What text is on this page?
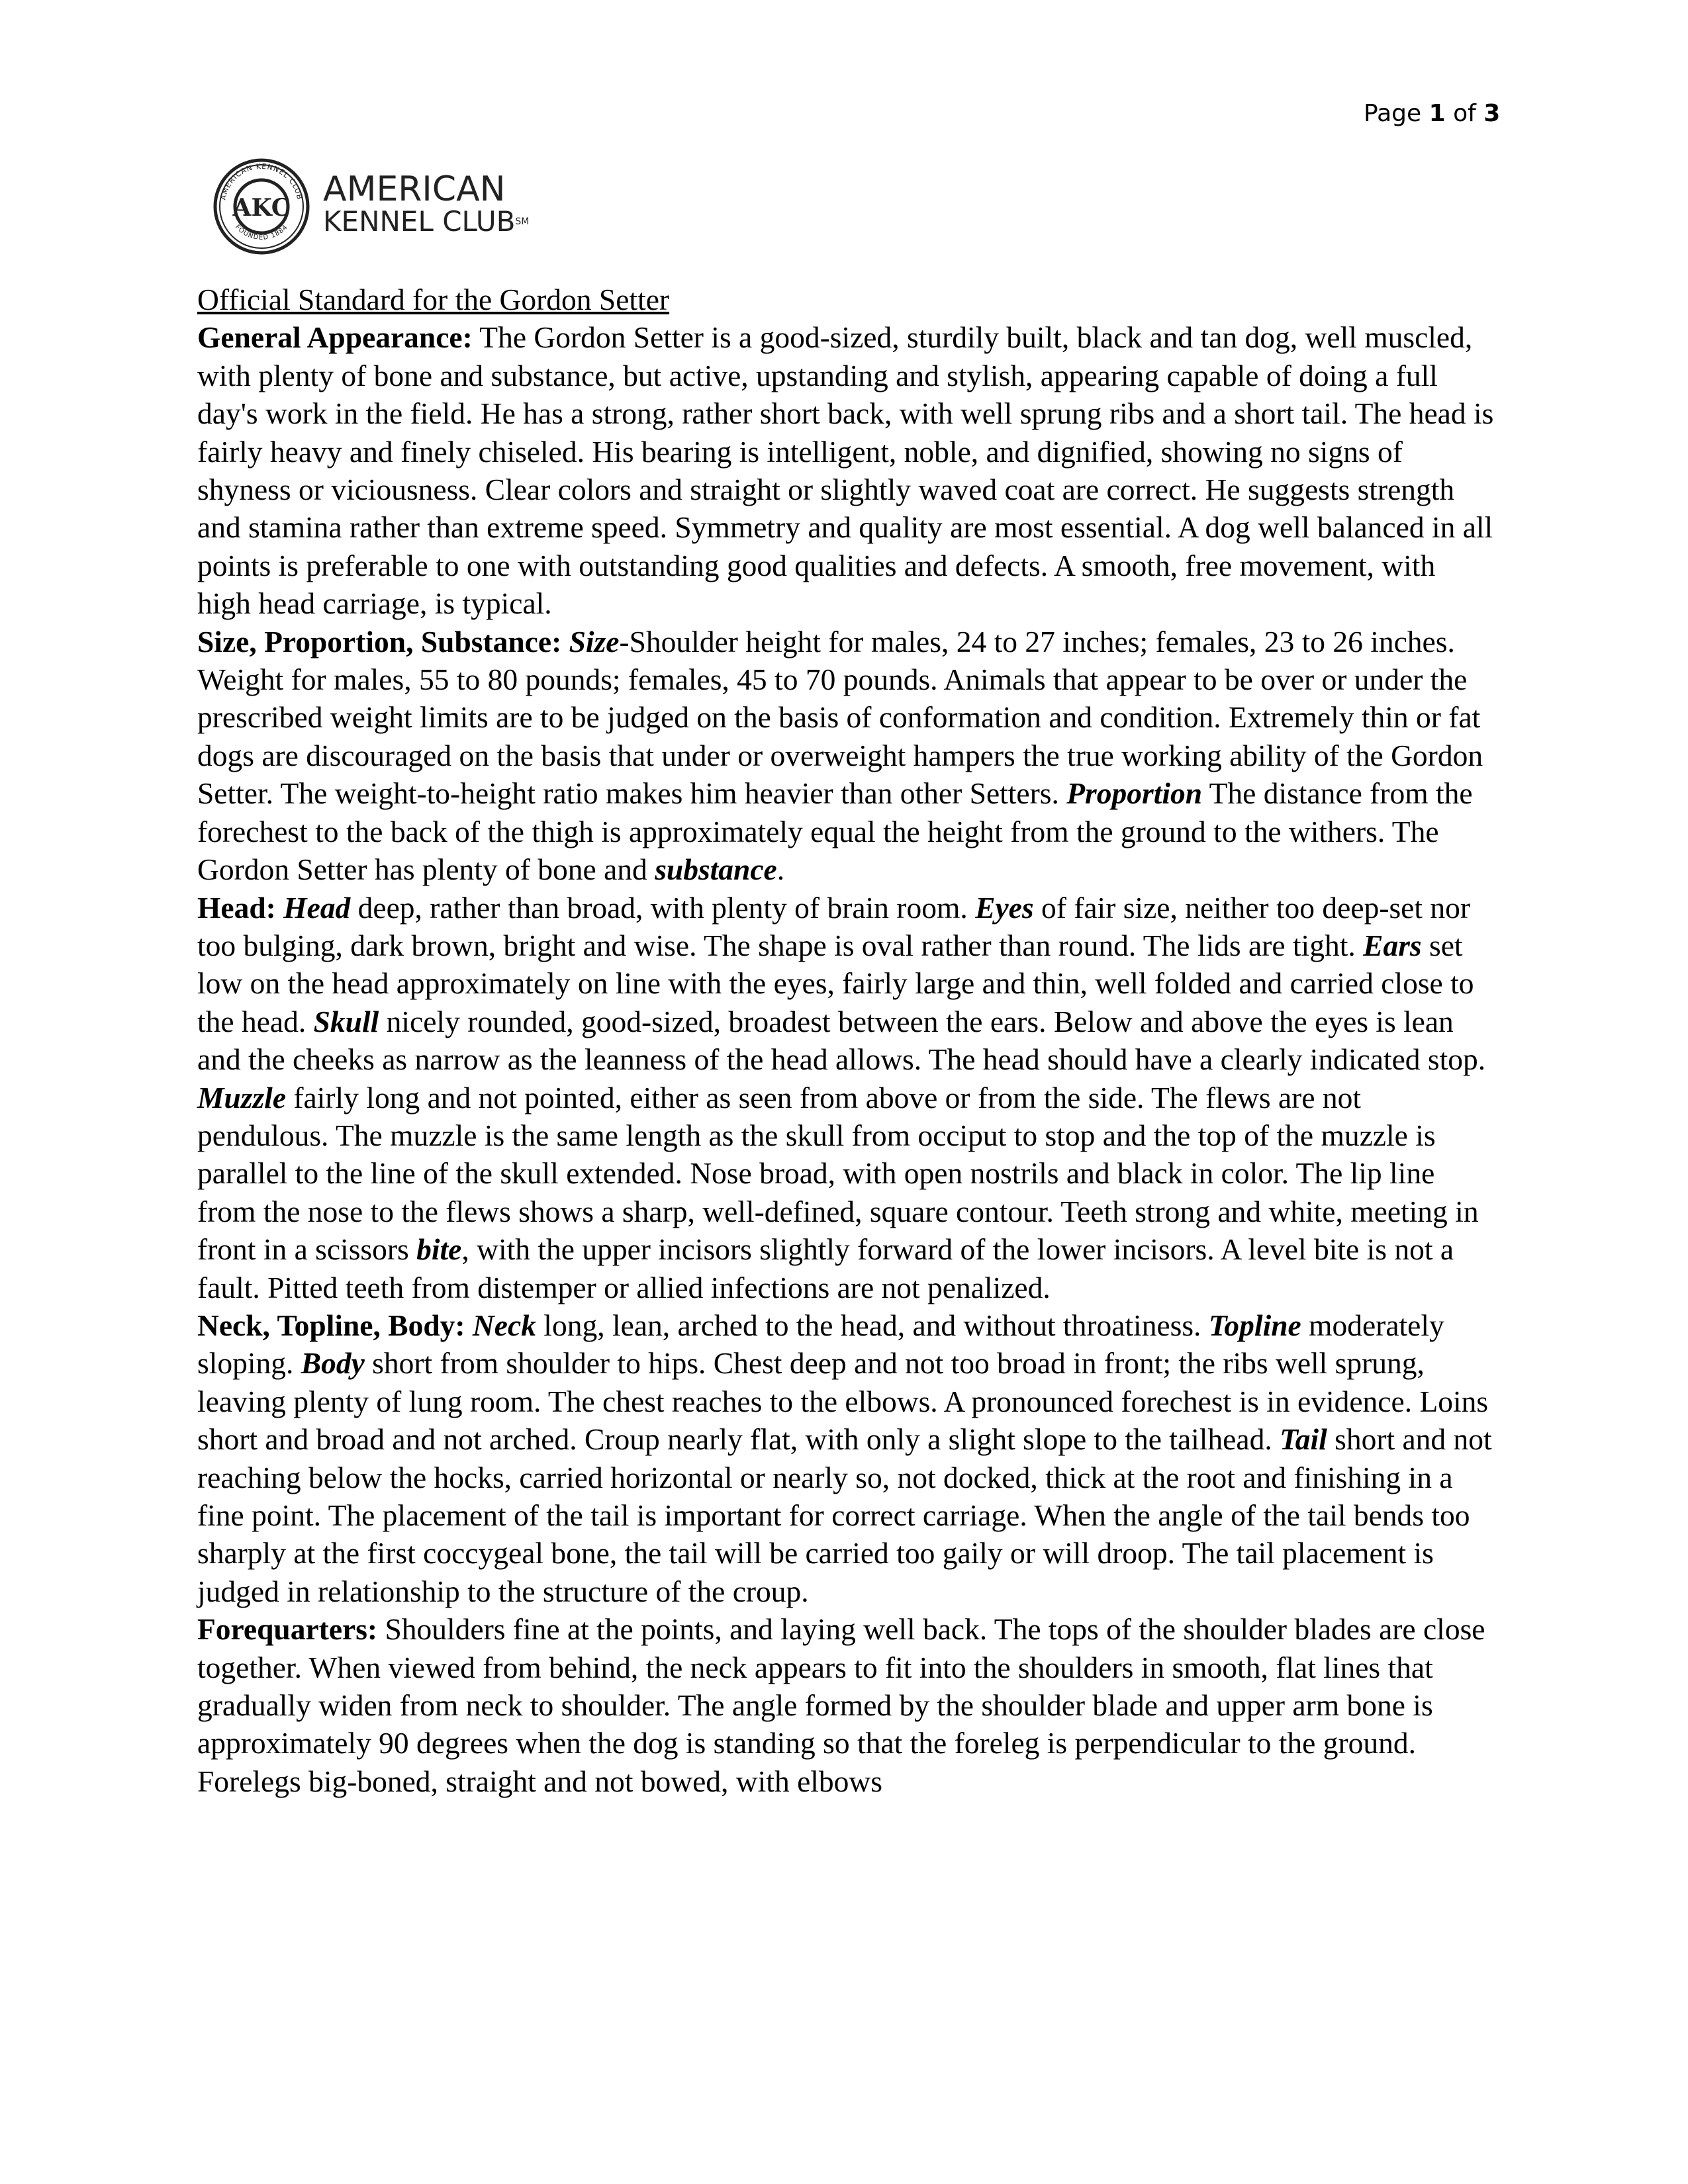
Page 1 of 3
AMERICAN KENNEL CLUB
FOUNDED 1884
AKC AMERICAN
KENNEL CLUB℠

Official Standard for the Gordon Setter

General Appearance: The Gordon Setter is a good-sized, sturdily built, black and tan dog, well muscled, with plenty of bone and substance, but active, upstanding and stylish, appearing capable of doing a full day's work in the field. He has a strong, rather short back, with well sprung ribs and a short tail. The head is fairly heavy and finely chiseled. His bearing is intelligent, noble, and dignified, showing no signs of shyness or viciousness. Clear colors and straight or slightly waved coat are correct. He suggests strength and stamina rather than extreme speed. Symmetry and quality are most essential. A dog well balanced in all points is preferable to one with outstanding good qualities and defects. A smooth, free movement, with high head carriage, is typical.

Size, Proportion, Substance: Size-Shoulder height for males, 24 to 27 inches; females, 23 to 26 inches. Weight for males, 55 to 80 pounds; females, 45 to 70 pounds. Animals that appear to be over or under the prescribed weight limits are to be judged on the basis of conformation and condition. Extremely thin or fat dogs are discouraged on the basis that under or overweight hampers the true working ability of the Gordon Setter. The weight-to-height ratio makes him heavier than other Setters. Proportion The distance from the forechest to the back of the thigh is approximately equal the height from the ground to the withers. The Gordon Setter has plenty of bone and substance.

Head: Head deep, rather than broad, with plenty of brain room. Eyes of fair size, neither too deep-set nor too bulging, dark brown, bright and wise. The shape is oval rather than round. The lids are tight. Ears set low on the head approximately on line with the eyes, fairly large and thin, well folded and carried close to the head. Skull nicely rounded, good-sized, broadest between the ears. Below and above the eyes is lean and the cheeks as narrow as the leanness of the head allows. The head should have a clearly indicated stop. Muzzle fairly long and not pointed, either as seen from above or from the side. The flews are not pendulous. The muzzle is the same length as the skull from occiput to stop and the top of the muzzle is parallel to the line of the skull extended. Nose broad, with open nostrils and black in color. The lip line from the nose to the flews shows a sharp, well-defined, square contour. Teeth strong and white, meeting in front in a scissors bite, with the upper incisors slightly forward of the lower incisors. A level bite is not a fault. Pitted teeth from distemper or allied infections are not penalized.

Neck, Topline, Body: Neck long, lean, arched to the head, and without throatiness. Topline moderately sloping. Body short from shoulder to hips. Chest deep and not too broad in front; the ribs well sprung, leaving plenty of lung room. The chest reaches to the elbows. A pronounced forechest is in evidence. Loins short and broad and not arched. Croup nearly flat, with only a slight slope to the tailhead. Tail short and not reaching below the hocks, carried horizontal or nearly so, not docked, thick at the root and finishing in a fine point. The placement of the tail is important for correct carriage. When the angle of the tail bends too sharply at the first coccygeal bone, the tail will be carried too gaily or will droop. The tail placement is judged in relationship to the structure of the croup.

Forequarters: Shoulders fine at the points, and laying well back. The tops of the shoulder blades are close together. When viewed from behind, the neck appears to fit into the shoulders in smooth, flat lines that gradually widen from neck to shoulder. The angle formed by the shoulder blade and upper arm bone is approximately 90 degrees when the dog is standing so that the foreleg is perpendicular to the ground. Forelegs big-boned, straight and not bowed, with elbows
